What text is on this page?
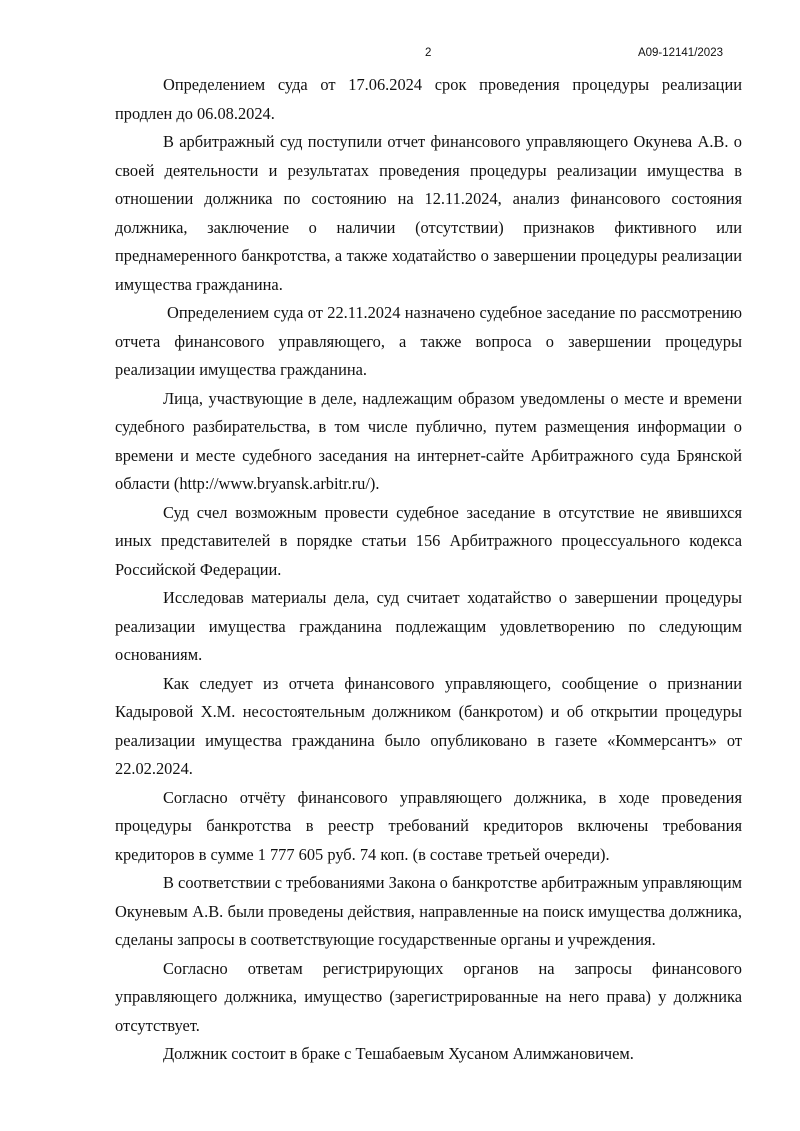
2	А09-12141/2023

Определением суда от 17.06.2024 срок проведения процедуры реализации продлен до 06.08.2024.

В арбитражный суд поступили отчет финансового управляющего Окунева А.В. о своей деятельности и результатах проведения процедуры реализации имущества в отношении должника по состоянию на 12.11.2024, анализ финансового состояния должника, заключение о наличии (отсутствии) признаков фиктивного или преднамеренного банкротства, а также ходатайство о завершении процедуры реализации имущества гражданина.

Определением суда от 22.11.2024 назначено судебное заседание по рассмотрению отчета финансового управляющего, а также вопроса о завершении процедуры реализации имущества гражданина.

Лица, участвующие в деле, надлежащим образом уведомлены о месте и времени судебного разбирательства, в том числе публично, путем размещения информации о времени и месте судебного заседания на интернет-сайте Арбитражного суда Брянской области (http://www.bryansk.arbitr.ru/).

Суд счел возможным провести судебное заседание в отсутствие не явившихся иных представителей в порядке статьи 156 Арбитражного процессуального кодекса Российской Федерации.

Исследовав материалы дела, суд считает ходатайство о завершении процедуры реализации имущества гражданина подлежащим удовлетворению по следующим основаниям.

Как следует из отчета финансового управляющего, сообщение о признании Кадыровой Х.М. несостоятельным должником (банкротом) и об открытии процедуры реализации имущества гражданина было опубликовано в газете «Коммерсантъ» от 22.02.2024.

Согласно отчёту финансового управляющего должника, в ходе проведения процедуры банкротства в реестр требований кредиторов включены требования кредиторов в сумме 1 777 605 руб. 74 коп. (в составе третьей очереди).

В соответствии с требованиями Закона о банкротстве арбитражным управляющим Окуневым А.В. были проведены действия, направленные на поиск имущества должника, сделаны запросы в соответствующие государственные органы и учреждения.

Согласно ответам регистрирующих органов на запросы финансового управляющего должника, имущество (зарегистрированные на него права) у должника отсутствует.

Должник состоит в браке с Тешабаевым Хусаном Алимжановичем.
